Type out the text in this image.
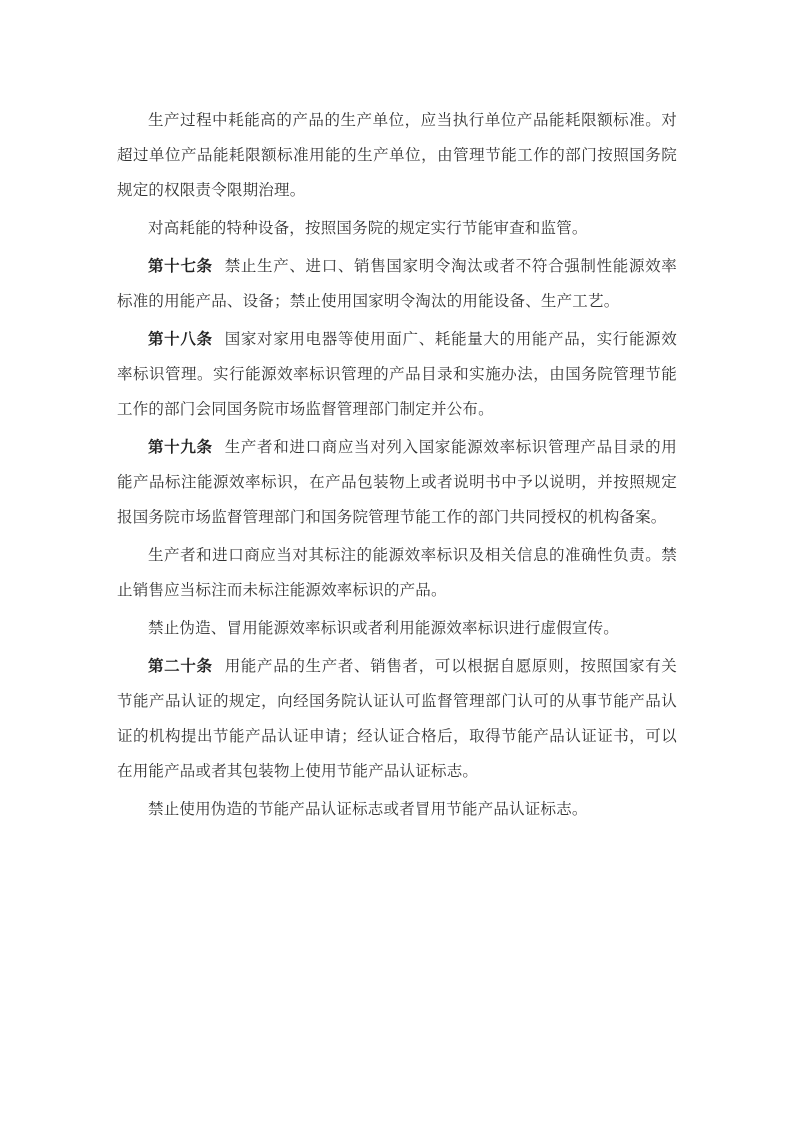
生产过程中耗能高的产品的生产单位，应当执行单位产品能耗限额标准。对超过单位产品能耗限额标准用能的生产单位，由管理节能工作的部门按照国务院规定的权限责令限期治理。

对高耗能的特种设备，按照国务院的规定实行节能审查和监管。

第十七条 禁止生产、进口、销售国家明令淘汰或者不符合强制性能源效率标准的用能产品、设备；禁止使用国家明令淘汰的用能设备、生产工艺。

第十八条 国家对家用电器等使用面广、耗能量大的用能产品，实行能源效率标识管理。实行能源效率标识管理的产品目录和实施办法，由国务院管理节能工作的部门会同国务院市场监督管理部门制定并公布。

第十九条 生产者和进口商应当对列入国家能源效率标识管理产品目录的用能产品标注能源效率标识，在产品包装物上或者说明书中予以说明，并按照规定报国务院市场监督管理部门和国务院管理节能工作的部门共同授权的机构备案。

生产者和进口商应当对其标注的能源效率标识及相关信息的准确性负责。禁止销售应当标注而未标注能源效率标识的产品。

禁止伪造、冒用能源效率标识或者利用能源效率标识进行虚假宣传。

第二十条 用能产品的生产者、销售者，可以根据自愿原则，按照国家有关节能产品认证的规定，向经国务院认证认可监督管理部门认可的从事节能产品认证的机构提出节能产品认证申请；经认证合格后，取得节能产品认证证书，可以在用能产品或者其包装物上使用节能产品认证标志。

禁止使用伪造的节能产品认证标志或者冒用节能产品认证标志。
